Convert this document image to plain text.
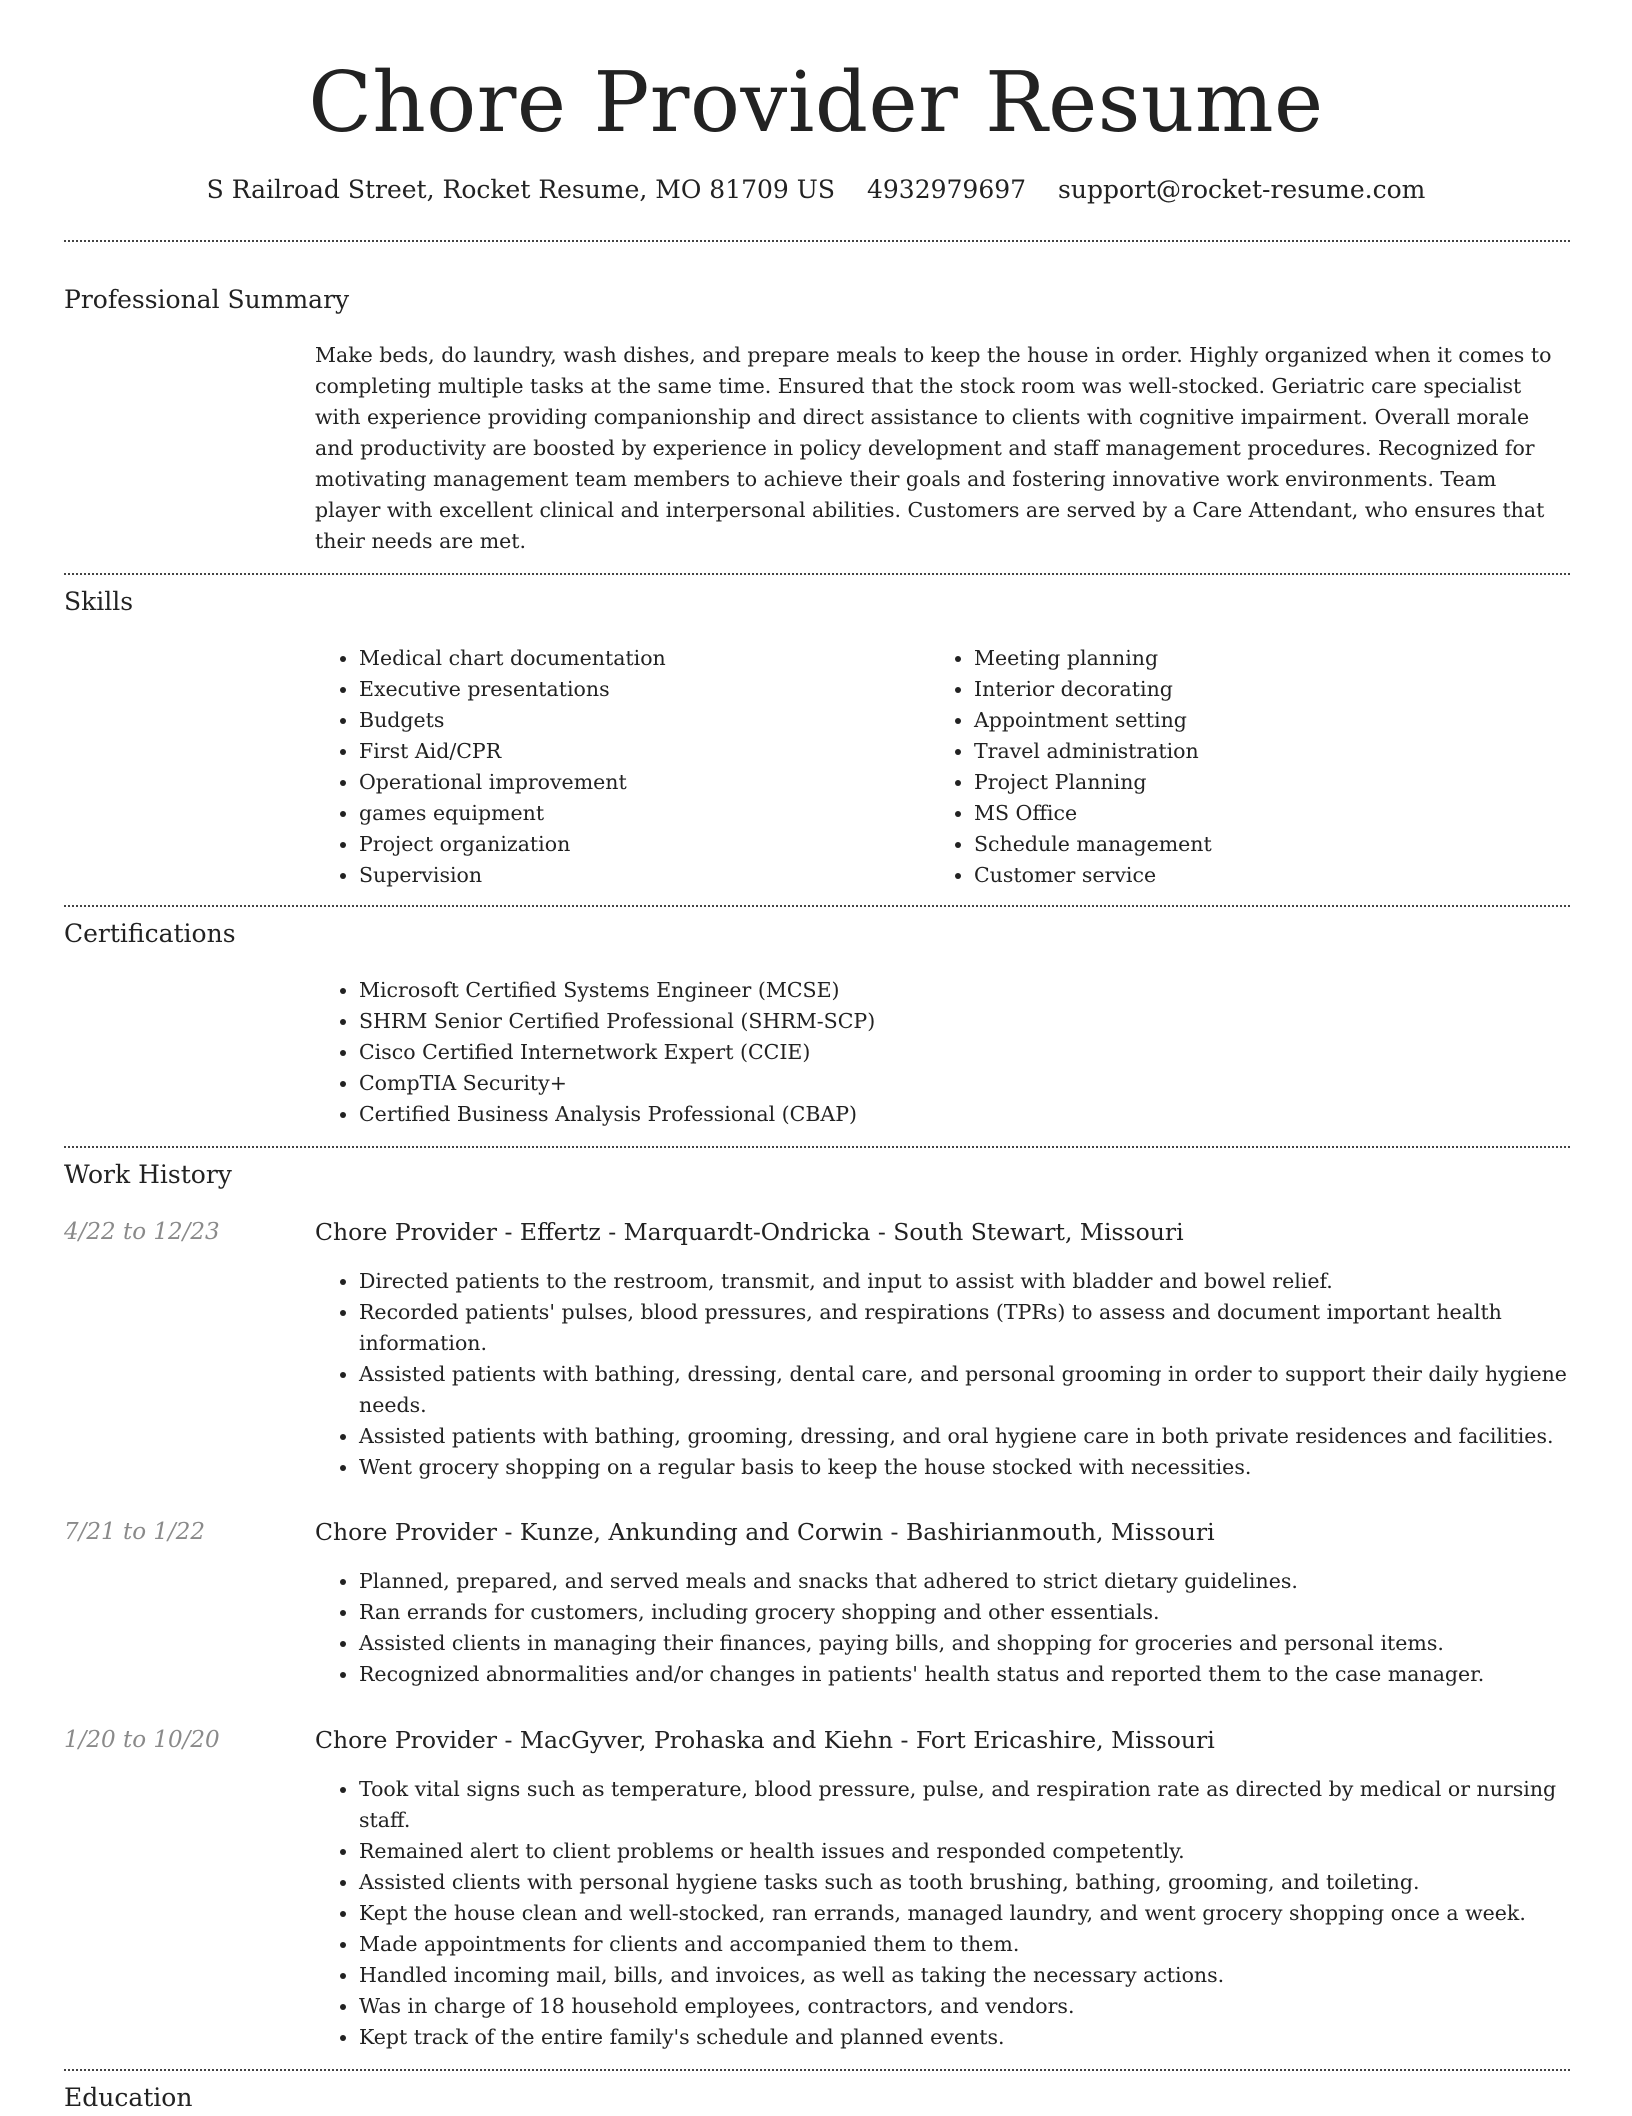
Chore Provider Resume
S Railroad Street, Rocket Resume, MO 81709 US 4932979697 support@rocket-resume.com
Professional Summary
Make beds, do laundry, wash dishes, and prepare meals to keep the house in order. Highly organized when it comes to completing multiple tasks at the same time. Ensured that the stock room was well-stocked. Geriatric care specialist with experience providing companionship and direct assistance to clients with cognitive impairment. Overall morale and productivity are boosted by experience in policy development and staff management procedures. Recognized for motivating management team members to achieve their goals and fostering innovative work environments. Team player with excellent clinical and interpersonal abilities. Customers are served by a Care Attendant, who ensures that their needs are met.
Skills
• Medical chart documentation
• Executive presentations
• Budgets
• First Aid/CPR
• Operational improvement
• games equipment
• Project organization
• Supervision
• Meeting planning
• Interior decorating
• Appointment setting
• Travel administration
• Project Planning
• MS Office
• Schedule management
• Customer service
Certifications
• Microsoft Certified Systems Engineer (MCSE)
• SHRM Senior Certified Professional (SHRM-SCP)
• Cisco Certified Internetwork Expert (CCIE)
• CompTIA Security+
• Certified Business Analysis Professional (CBAP)
Work History
4/22 to 12/23	Chore Provider - Effertz - Marquardt-Ondricka - South Stewart, Missouri
• Directed patients to the restroom, transmit, and input to assist with bladder and bowel relief.
• Recorded patients' pulses, blood pressures, and respirations (TPRs) to assess and document important health information.
• Assisted patients with bathing, dressing, dental care, and personal grooming in order to support their daily hygiene needs.
• Assisted patients with bathing, grooming, dressing, and oral hygiene care in both private residences and facilities.
• Went grocery shopping on a regular basis to keep the house stocked with necessities.
7/21 to 1/22	Chore Provider - Kunze, Ankunding and Corwin - Bashirianmouth, Missouri
• Planned, prepared, and served meals and snacks that adhered to strict dietary guidelines.
• Ran errands for customers, including grocery shopping and other essentials.
• Assisted clients in managing their finances, paying bills, and shopping for groceries and personal items.
• Recognized abnormalities and/or changes in patients' health status and reported them to the case manager.
1/20 to 10/20	Chore Provider - MacGyver, Prohaska and Kiehn - Fort Ericashire, Missouri
• Took vital signs such as temperature, blood pressure, pulse, and respiration rate as directed by medical or nursing staff.
• Remained alert to client problems or health issues and responded competently.
• Assisted clients with personal hygiene tasks such as tooth brushing, bathing, grooming, and toileting.
• Kept the house clean and well-stocked, ran errands, managed laundry, and went grocery shopping once a week.
• Made appointments for clients and accompanied them to them.
• Handled incoming mail, bills, and invoices, as well as taking the necessary actions.
• Was in charge of 18 household employees, contractors, and vendors.
• Kept track of the entire family's schedule and planned events.
Education
